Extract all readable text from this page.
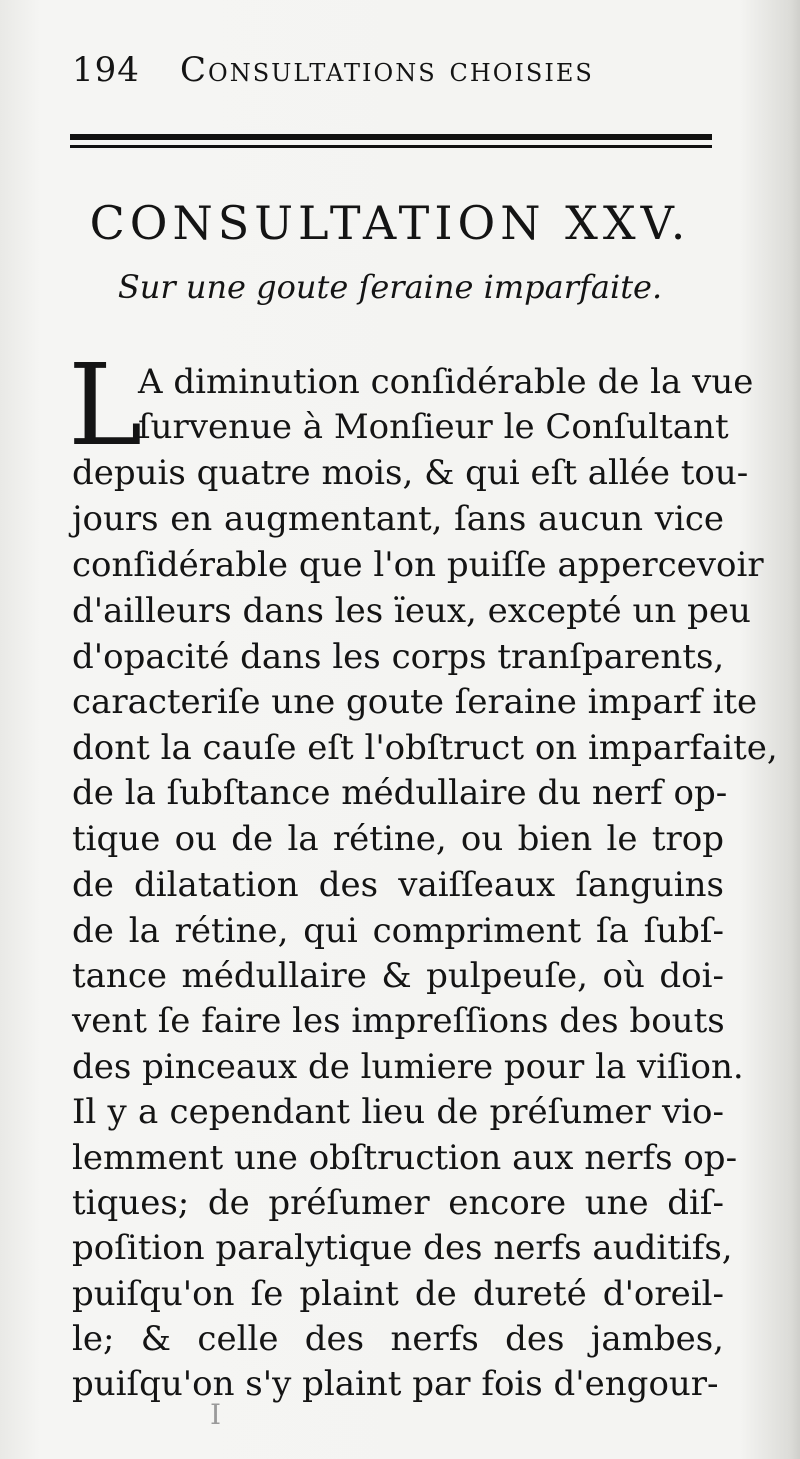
194 Consultations choisies
CONSULTATION XXV.
Sur une goute ſeraine imparfaite.
L
A diminution conſidérable de la vue
ſurvenue à Monſieur le Conſultant
depuis quatre mois, & qui eſt allée tou-
jours en augmentant, ſans aucun vice
conſidérable que l'on puiſſe appercevoir
d'ailleurs dans les ïeux, excepté un peu
d'opacité dans les corps tranſparents,
caracteriſe une goute ſeraine imparf ite
dont la cauſe eſt l'obſtruct on imparfaite,
de la ſubſtance médullaire du nerf op-
tique ou de la rétine, ou bien le trop
de dilatation des vaiſſeaux ſanguins
de la rétine, qui compriment ſa ſubſ-
tance médullaire & pulpeuſe, où doi-
vent ſe faire les impreſſions des bouts
des pinceaux de lumiere pour la viſion.
Il y a cependant lieu de préſumer vio-
lemment une obſtruction aux nerfs op-
tiques; de préſumer encore une diſ-
poſition paralytique des nerfs auditifs,
puiſqu'on ſe plaint de dureté d'oreil-
le; & celle des nerfs des jambes,
puiſqu'on s'y plaint par fois d'engour-
I
